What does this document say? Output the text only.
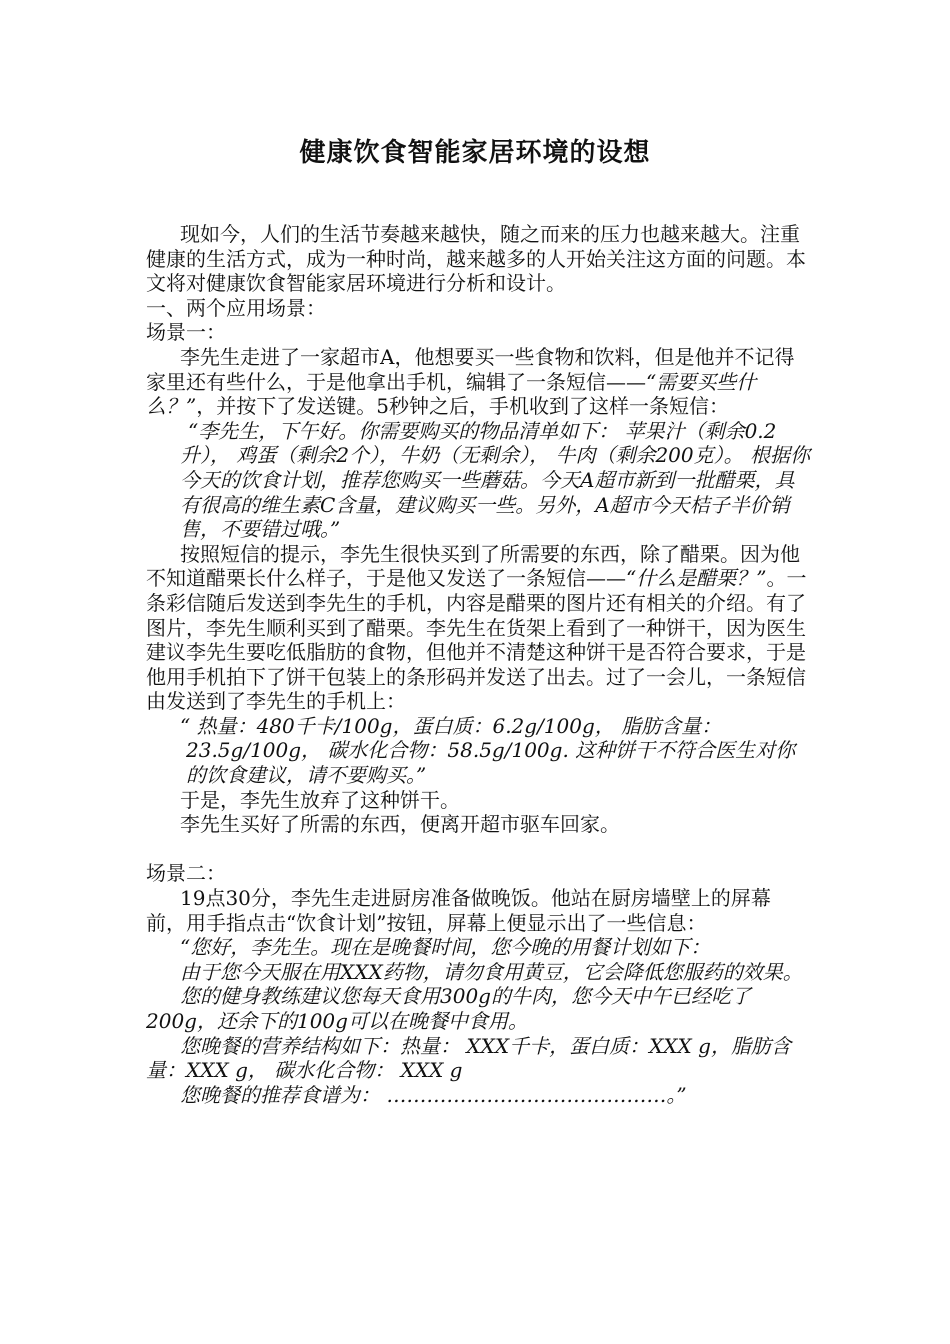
健康饮食智能家居环境的设想

现如今，人们的生活节奏越来越快，随之而来的压力也越来越大。注重健康的生活方式，成为一种时尚，越来越多的人开始关注这方面的问题。本文将对健康饮食智能家居环境进行分析和设计。

一、两个应用场景：

场景一：

李先生走进了一家超市A，他想要买一些食物和饮料，但是他并不记得家里还有些什么，于是他拿出手机，编辑了一条短信——“需要买些什么？”，并按下了发送键。5秒钟之后，手机收到了这样一条短信：

“李先生，下午好。你需要购买的物品清单如下： 苹果汁（剩余0.2升）， 鸡蛋（剩余2个），牛奶（无剩余）， 牛肉（剩余200克）。 根据你今天的饮食计划，推荐您购买一些蘑菇。今天A超市新到一批醋栗，具有很高的维生素C含量，建议购买一些。另外，A超市今天桔子半价销售，不要错过哦。”

按照短信的提示，李先生很快买到了所需要的东西，除了醋栗。因为他不知道醋栗长什么样子，于是他又发送了一条短信——“什么是醋栗？”。一条彩信随后发送到李先生的手机，内容是醋栗的图片还有相关的介绍。有了图片，李先生顺利买到了醋栗。李先生在货架上看到了一种饼干，因为医生建议李先生要吃低脂肪的食物，但他并不清楚这种饼干是否符合要求，于是他用手机拍下了饼干包装上的条形码并发送了出去。过了一会儿，一条短信由发送到了李先生的手机上：

“ 热量：480千卡/100g，蛋白质：6.2g/100g， 脂肪含量：23.5g/100g， 碳水化合物：58.5g/100g. 这种饼干不符合医生对你的饮食建议，请不要购买。”

于是，李先生放弃了这种饼干。

李先生买好了所需的东西，便离开超市驱车回家。

场景二：

19点30分，李先生走进厨房准备做晚饭。他站在厨房墙壁上的屏幕前，用手指点击“饮食计划”按钮，屏幕上便显示出了一些信息：

“您好，李先生。现在是晚餐时间，您今晚的用餐计划如下：

由于您今天服在用XXX药物，请勿食用黄豆，它会降低您服药的效果。

您的健身教练建议您每天食用300g的牛肉，您今天中午已经吃了200g，还余下的100g可以在晚餐中食用。

您晚餐的营养结构如下：热量： XXX千卡，蛋白质：XXX g，脂肪含量：XXX g， 碳水化合物： XXX g

您晚餐的推荐食谱为： ……………………………………。”
